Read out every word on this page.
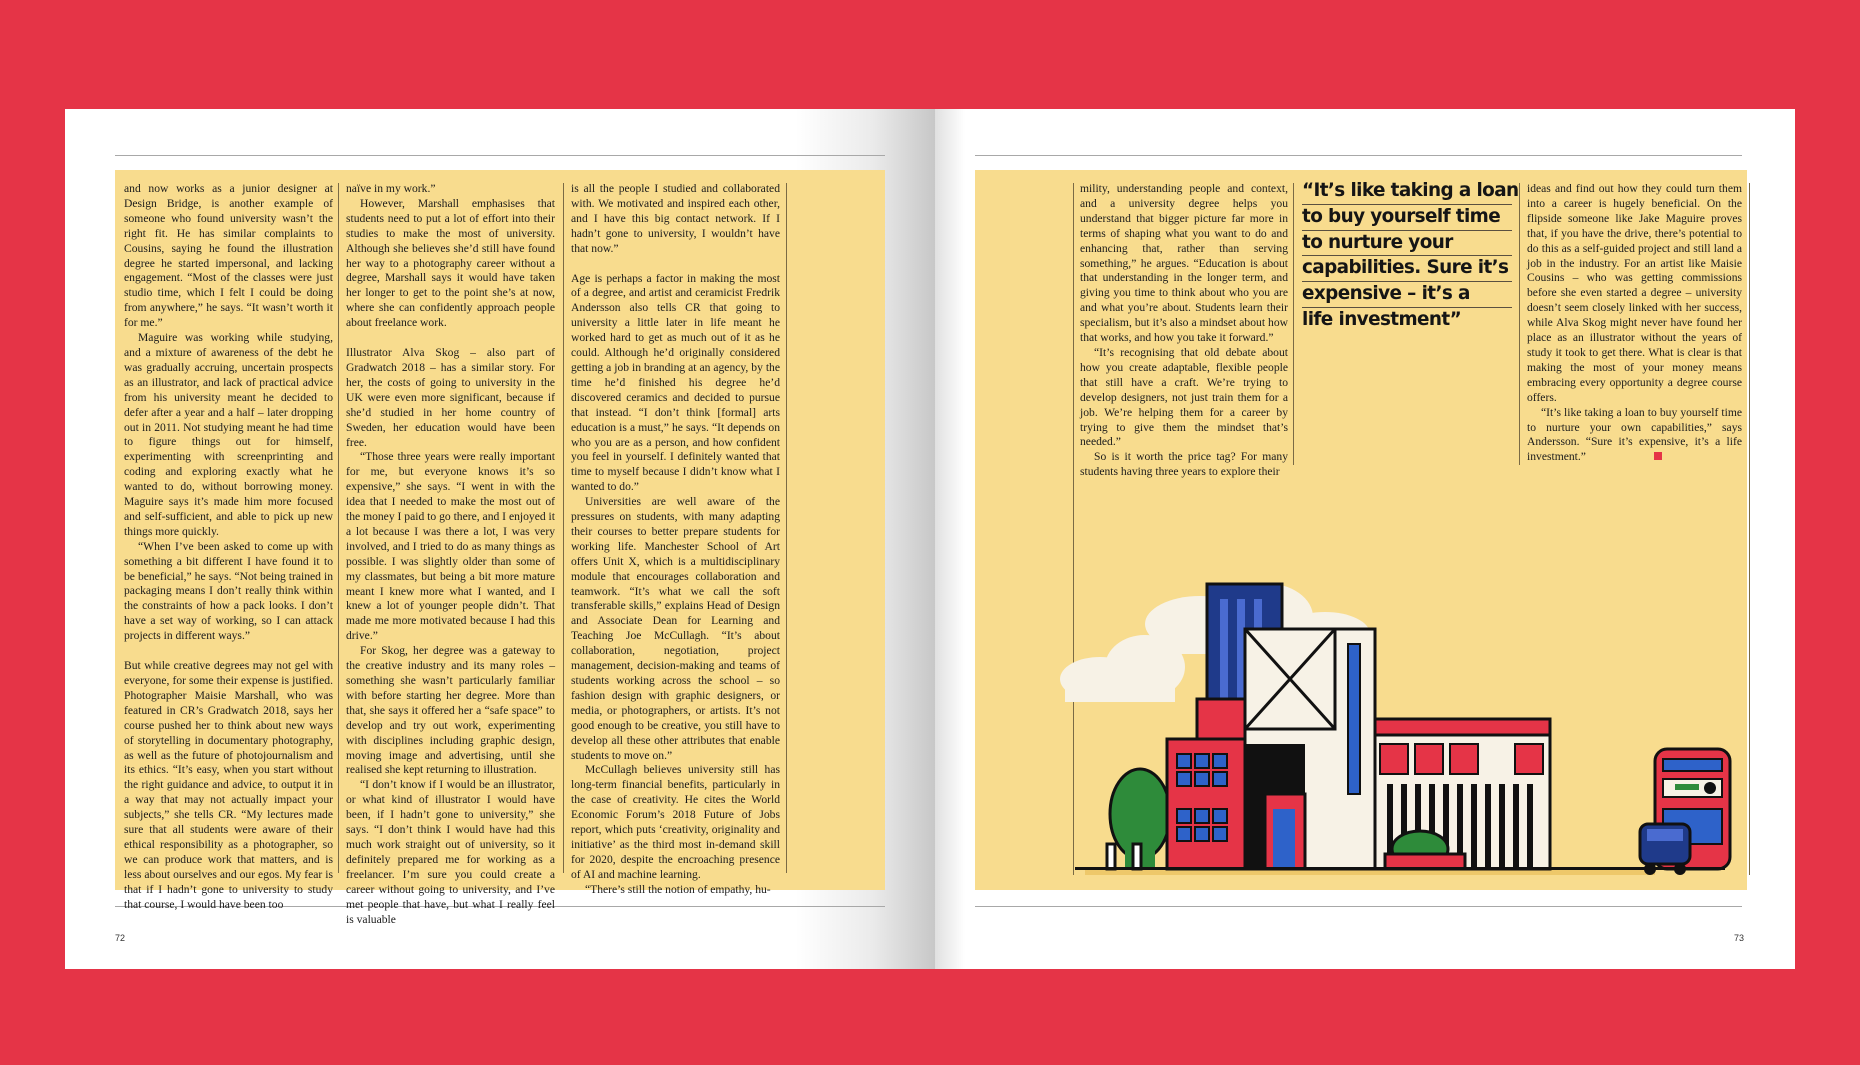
72

and now works as a junior designer at Design Bridge, is another example of someone who found university wasn’t the right fit. He has similar complaints to Cousins, saying he found the illustration degree he started impersonal, and lacking engagement. “Most of the classes were just studio time, which I felt I could be doing from anywhere,” he says. “It wasn’t worth it for me.”

Maguire was working while studying, and a mixture of awareness of the debt he was gradually accruing, uncertain prospects as an illustrator, and lack of practical advice from his university meant he decided to defer after a year and a half – later dropping out in 2011. Not studying meant he had time to figure things out for himself, experimenting with screenprinting and coding and exploring exactly what he wanted to do, without borrowing money. Maguire says it’s made him more focused and self-sufficient, and able to pick up new things more quickly.

“When I’ve been asked to come up with something a bit different I have found it to be beneficial,” he says. “Not being trained in packaging means I don’t really think within the constraints of how a pack looks. I don’t have a set way of working, so I can attack projects in different ways.”

But while creative degrees may not gel with everyone, for some their expense is justified. Photographer Maisie Marshall, who was featured in CR’s Gradwatch 2018, says her course pushed her to think about new ways of storytelling in documentary photography, as well as the future of photojournalism and its ethics. “It’s easy, when you start without the right guidance and advice, to output it in a way that may not actually impact your subjects,” she tells CR. “My lectures made sure that all students were aware of their ethical responsibility as a photographer, so we can produce work that matters, and is less about ourselves and our egos. My fear is that if I hadn’t gone to university to study that course, I would have been too

naïve in my work.”

However, Marshall emphasises that students need to put a lot of effort into their studies to make the most of university. Although she believes she’d still have found her way to a photography career without a degree, Marshall says it would have taken her longer to get to the point she’s at now, where she can confidently approach people about freelance work.

Illustrator Alva Skog – also part of Gradwatch 2018 – has a similar story. For her, the costs of going to university in the UK were even more significant, because if she’d studied in her home country of Sweden, her education would have been free.

“Those three years were really important for me, but everyone knows it’s so expensive,” she says. “I went in with the idea that I needed to make the most out of the money I paid to go there, and I enjoyed it a lot because I was there a lot, I was very involved, and I tried to do as many things as possible. I was slightly older than some of my classmates, but being a bit more mature meant I knew more what I wanted, and I knew a lot of younger people didn’t. That made me more motivated because I had this drive.”

For Skog, her degree was a gateway to the creative industry and its many roles – something she wasn’t particularly familiar with before starting her degree. More than that, she says it offered her a “safe space” to develop and try out work, experimenting with disciplines including graphic design, moving image and advertising, until she realised she kept returning to illustration.

“I don’t know if I would be an illustrator, or what kind of illustrator I would have been, if I hadn’t gone to university,” she says. “I don’t think I would have had this much work straight out of university, so it definitely prepared me for working as a freelancer. I’m sure you could create a career without going to university, and I’ve met people that have, but what I really feel is valuable

is all the people I studied and collaborated with. We motivated and inspired each other, and I have this big contact network. If I hadn’t gone to university, I wouldn’t have that now.”

Age is perhaps a factor in making the most of a degree, and artist and ceramicist Fredrik Andersson also tells CR that going to university a little later in life meant he worked hard to get as much out of it as he could. Although he’d originally considered getting a job in branding at an agency, by the time he’d finished his degree he’d discovered ceramics and decided to pursue that instead. “I don’t think [formal] arts education is a must,” he says. “It depends on who you are as a person, and how confident you feel in yourself. I definitely wanted that time to myself because I didn’t know what I wanted to do.”

Universities are well aware of the pressures on students, with many adapting their courses to better prepare students for working life. Manchester School of Art offers Unit X, which is a multidisciplinary module that encourages collaboration and teamwork. “It’s what we call the soft transferable skills,” explains Head of Design and Associate Dean for Learning and Teaching Joe McCullagh. “It’s about collaboration, negotiation, project management, decision-making and teams of students working across the school – so fashion design with graphic designers, or media, or photographers, or artists. It’s not good enough to be creative, you still have to develop all these other attributes that enable students to move on.”

McCullagh believes university still has long-term financial benefits, particularly in the case of creativity. He cites the World Economic Forum’s 2018 Future of Jobs report, which puts ‘creativity, originality and initiative’ as the third most in-demand skill for 2020, despite the encroaching presence of AI and machine learning.

“There’s still the notion of empathy, hu-

73

mility, understanding people and context, and a university degree helps you understand that bigger picture far more in terms of shaping what you want to do and enhancing that, rather than serving something,” he argues. “Education is about that understanding in the longer term, and giving you time to think about who you are and what you’re about. Students learn their specialism, but it’s also a mindset about how that works, and how you take it forward.”

“It’s recognising that old debate about how you create adaptable, flexible people that still have a craft. We’re trying to develop designers, not just train them for a job. We’re helping them for a career by trying to give them the mindset that’s needed.”

So is it worth the price tag? For many students having three years to explore their

“It’s like taking a loan
to buy yourself time
to nurture your
capabilities. Sure it’s
expensive – it’s a
life investment”

ideas and find out how they could turn them into a career is hugely beneficial. On the flipside someone like Jake Maguire proves that, if you have the drive, there’s potential to do this as a self-guided project and still land a job in the industry. For an artist like Maisie Cousins – who was getting commissions before she even started a degree – university doesn’t seem closely linked with her success, while Alva Skog might never have found her place as an illustrator without the years of study it took to get there. What is clear is that making the most of your money means embracing every opportunity a degree course offers.

“It’s like taking a loan to buy yourself time to nurture your own capabilities,” says Andersson. “Sure it’s expensive, it’s a life investment.”
